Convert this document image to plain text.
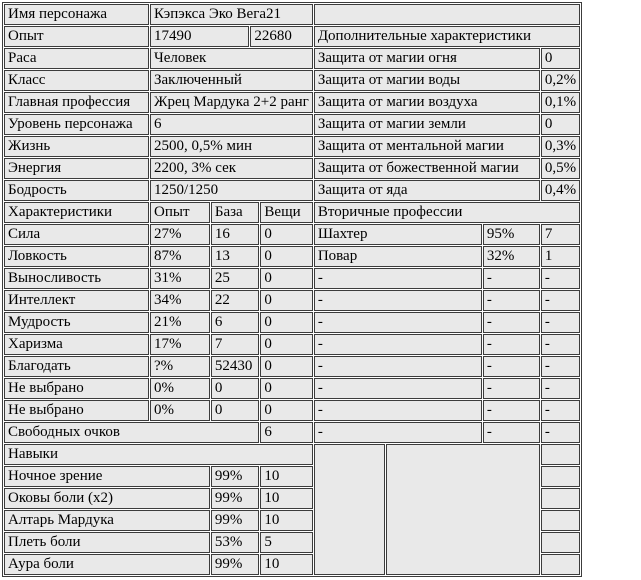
Имя персонажа	Кэпэкса Эко Вега21							
Опыт	17490		22680		Дополнительные характеристики			
Раса	Человек				Защита от магии огня			0
Класс	Заключенный				Защита от магии воды			0,2%
Главная профессия	Жрец Мардука 2+2 ранг				Защита от магии воздуха			0,1%
Уровень персонажа	6				Защита от магии земли			0
Жизнь	2500, 0,5% мин				Защита от ментальной магии			0,3%
Энергия	2200, 3% сек				Защита от божественной магии			0,5%
Бодрость	1250/1250				Защита от яда			0,4%
Характеристики	Опыт	База		Вещи	Вторичные профессии			
Сила	27%	16		0	Шахтер		95%	7
Ловкость	87%	13		0	Повар		32%	1
Выносливость	31%	25		0	-		-	-
Интеллект	34%	22		0	-		-	-
Мудрость	21%	6		0	-		-	-
Харизма	17%	7		0	-		-	-
Благодать	?%	52430		0	-		-	-
Не выбрано	0%	0		0	-		-	-
Не выбрано	0%	0		0	-		-	-
Свободных очков				6	-		-	-
Навыки								
Ночное зрение		99%		10				
Оковы боли (x2)		99%		10				
Алтарь Мардука		99%		10				
Плеть боли		53%		5				
Аура боли		99%		10				
